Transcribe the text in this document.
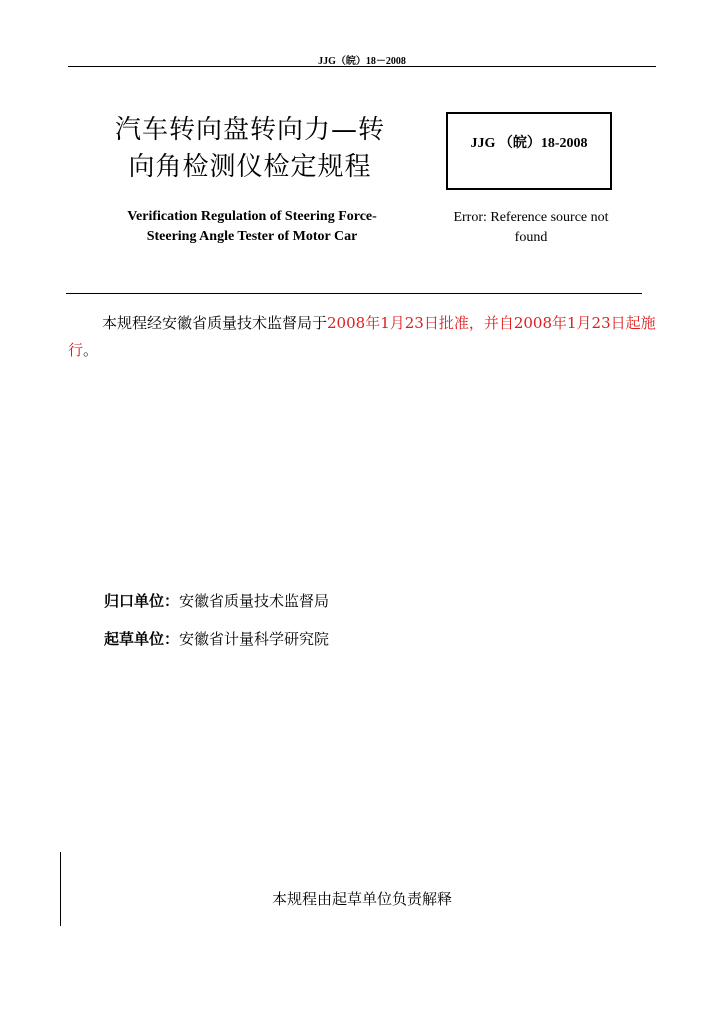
JJG（皖）18－2008
汽车转向盘转向力—转
向角检测仪检定规程
JJG （皖）18-2008
Verification Regulation of Steering Force-
Steering Angle Tester of Motor Car
Error: Reference source not
found
本规程经安徽省质量技术监督局于2008年1月23日批准，并自2008年1月23日起施行。
归口单位：安徽省质量技术监督局
起草单位：安徽省计量科学研究院
本规程由起草单位负责解释
